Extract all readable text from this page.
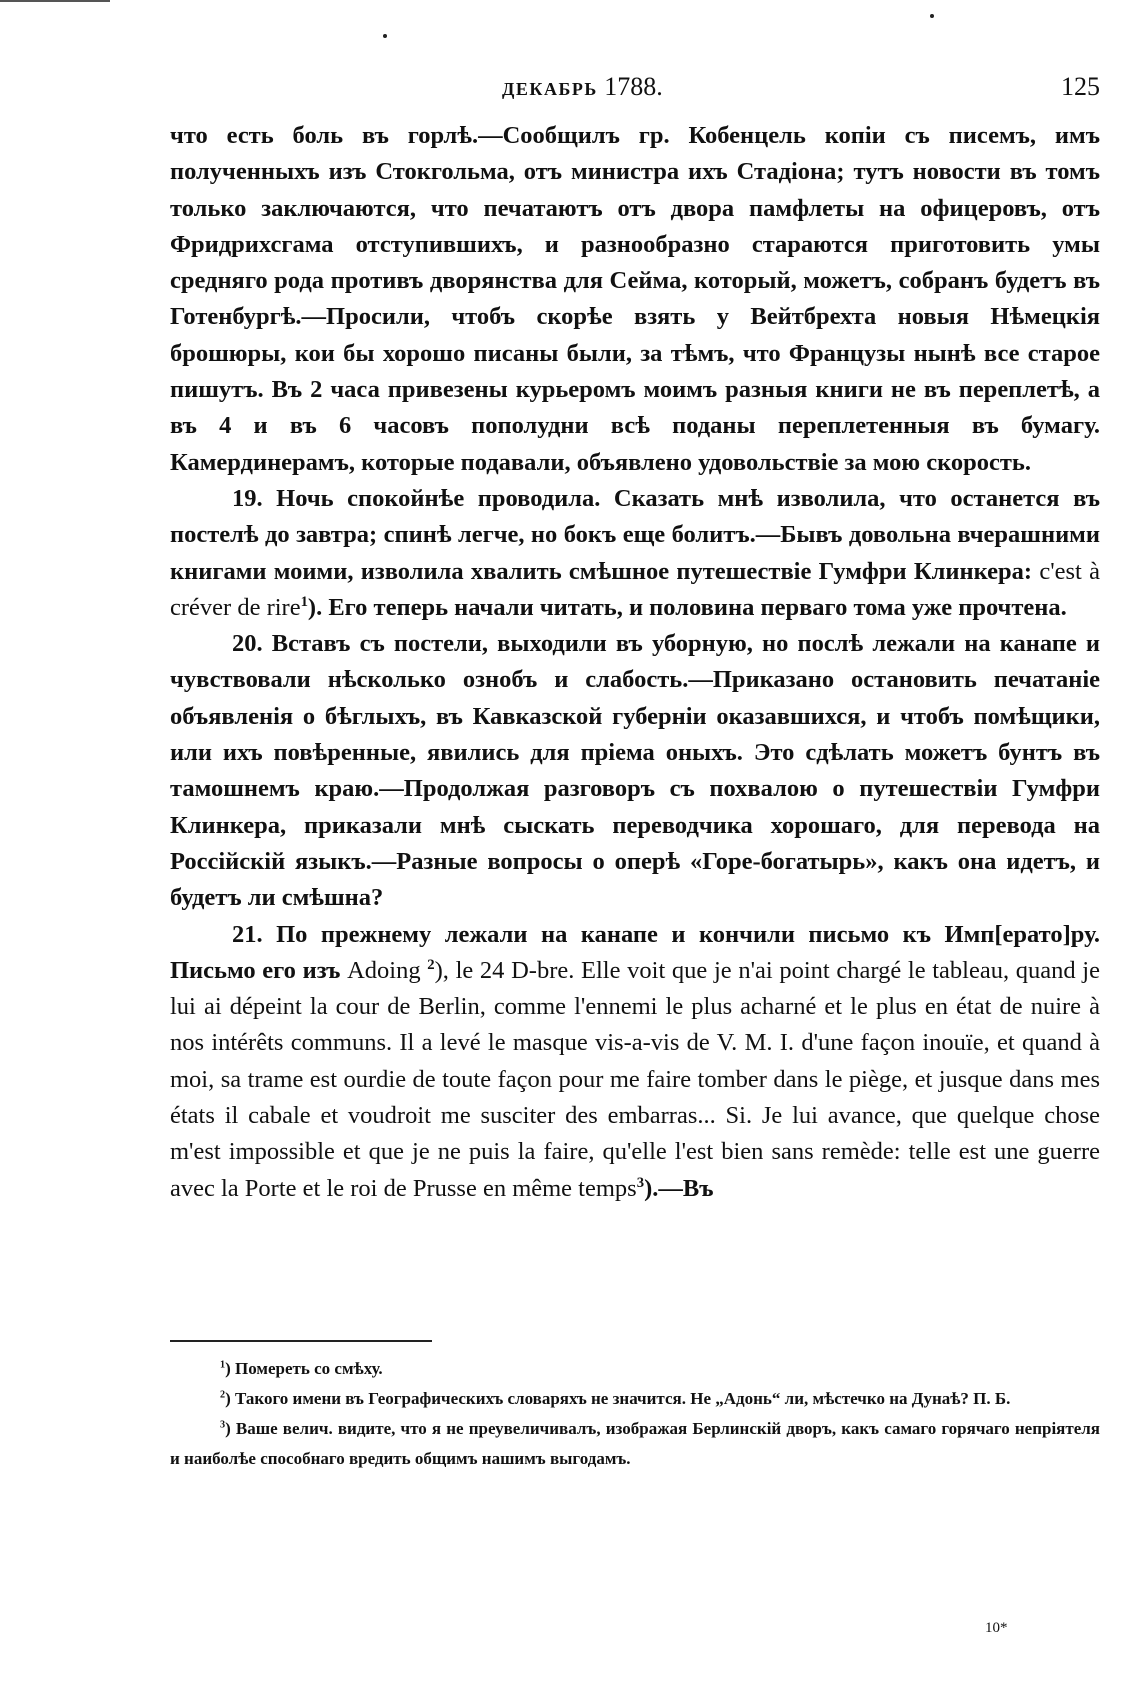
ДЕКАБРЬ 1788.	125

что есть боль въ горлѣ.—Сообщилъ гр. Кобенцель копіи съ писемъ, имъ полученныхъ изъ Стокгольма, отъ министра ихъ Стадіона; тутъ новости въ томъ только заключаются, что печатаютъ отъ двора памфлеты на офицеровъ, отъ Фридрихсгама отступившихъ, и разнообразно стараются приготовить умы средняго рода противъ дворянства для Сейма, который, можетъ, собранъ будетъ въ Готенбургѣ.—Просили, чтобъ скорѣе взять у Вейтбрехта новыя Нѣмецкія брошюры, кои бы хорошо писаны были, за тѣмъ, что Французы нынѣ все старое пишутъ. Въ 2 часа привезены курьеромъ моимъ разныя книги не въ переплетѣ, а въ 4 и въ 6 часовъ пополудни всѣ поданы переплетенныя въ бумагу. Камердинерамъ, которые подавали, объявлено удовольствіе за мою скорость.

19. Ночь спокойнѣе проводила. Сказать мнѣ изволила, что останется въ постелѣ до завтра; спинѣ легче, но бокъ еще болитъ.—Бывъ довольна вчерашними книгами моими, изволила хвалить смѣшное путешествіе Гумфри Клинкера: c'est à créver de rire$^1$). Его теперь начали читать, и половина перваго тома уже прочтена.

20. Вставъ съ постели, выходили въ уборную, но послѣ лежали на канапе и чувствовали нѣсколько ознобъ и слабость.—Приказано остановить печатаніе объявленія о бѣглыхъ, въ Кавказской губерніи оказавшихся, и чтобъ помѣщики, или ихъ повѣренные, явились для пріема оныхъ. Это сдѣлать можетъ бунтъ въ тамошнемъ краю.—Продолжая разговоръ съ похвалою о путешествіи Гумфри Клинкера, приказали мнѣ сыскать переводчика хорошаго, для перевода на Россійскій языкъ.—Разные вопросы о оперѣ «Горе-богатырь», какъ она идетъ, и будетъ ли смѣшна?

21. По прежнему лежали на канапе и кончили письмо къ Имп[ерато]ру. Письмо его изъ Adoing $^2$), le 24 D-bre. Elle voit que je n'ai point chargé le tableau, quand je lui ai dépeint la cour de Berlin, comme l'ennemi le plus acharné et le plus en état de nuire à nos intérêts communs. Il a levé le masque vis-a-vis de V. M. I. d'une façon inouïe, et quand à moi, sa trame est ourdie de toute façon pour me faire tomber dans le piège, et jusque dans mes états il cabale et voudroit me susciter des embarras... Si. Je lui avance, que quelque chose m'est impossible et que je ne puis la faire, qu'elle l'est bien sans remède: telle est une guerre avec la Porte et le roi de Prusse en même temps$^3$).—Въ

$^1$) Помереть со смѣху.

$^2$) Такого имени въ Географическихъ словаряхъ не значится. Не „Адонь“ ли, мѣстечко на Дунаѣ? П. Б.

$^3$) Ваше велич. видите, что я не преувеличивалъ, изображая Берлинскій дворъ, какъ самаго горячаго непріятеля и наиболѣе способнаго вредить общимъ нашимъ выгодамъ.

10*
